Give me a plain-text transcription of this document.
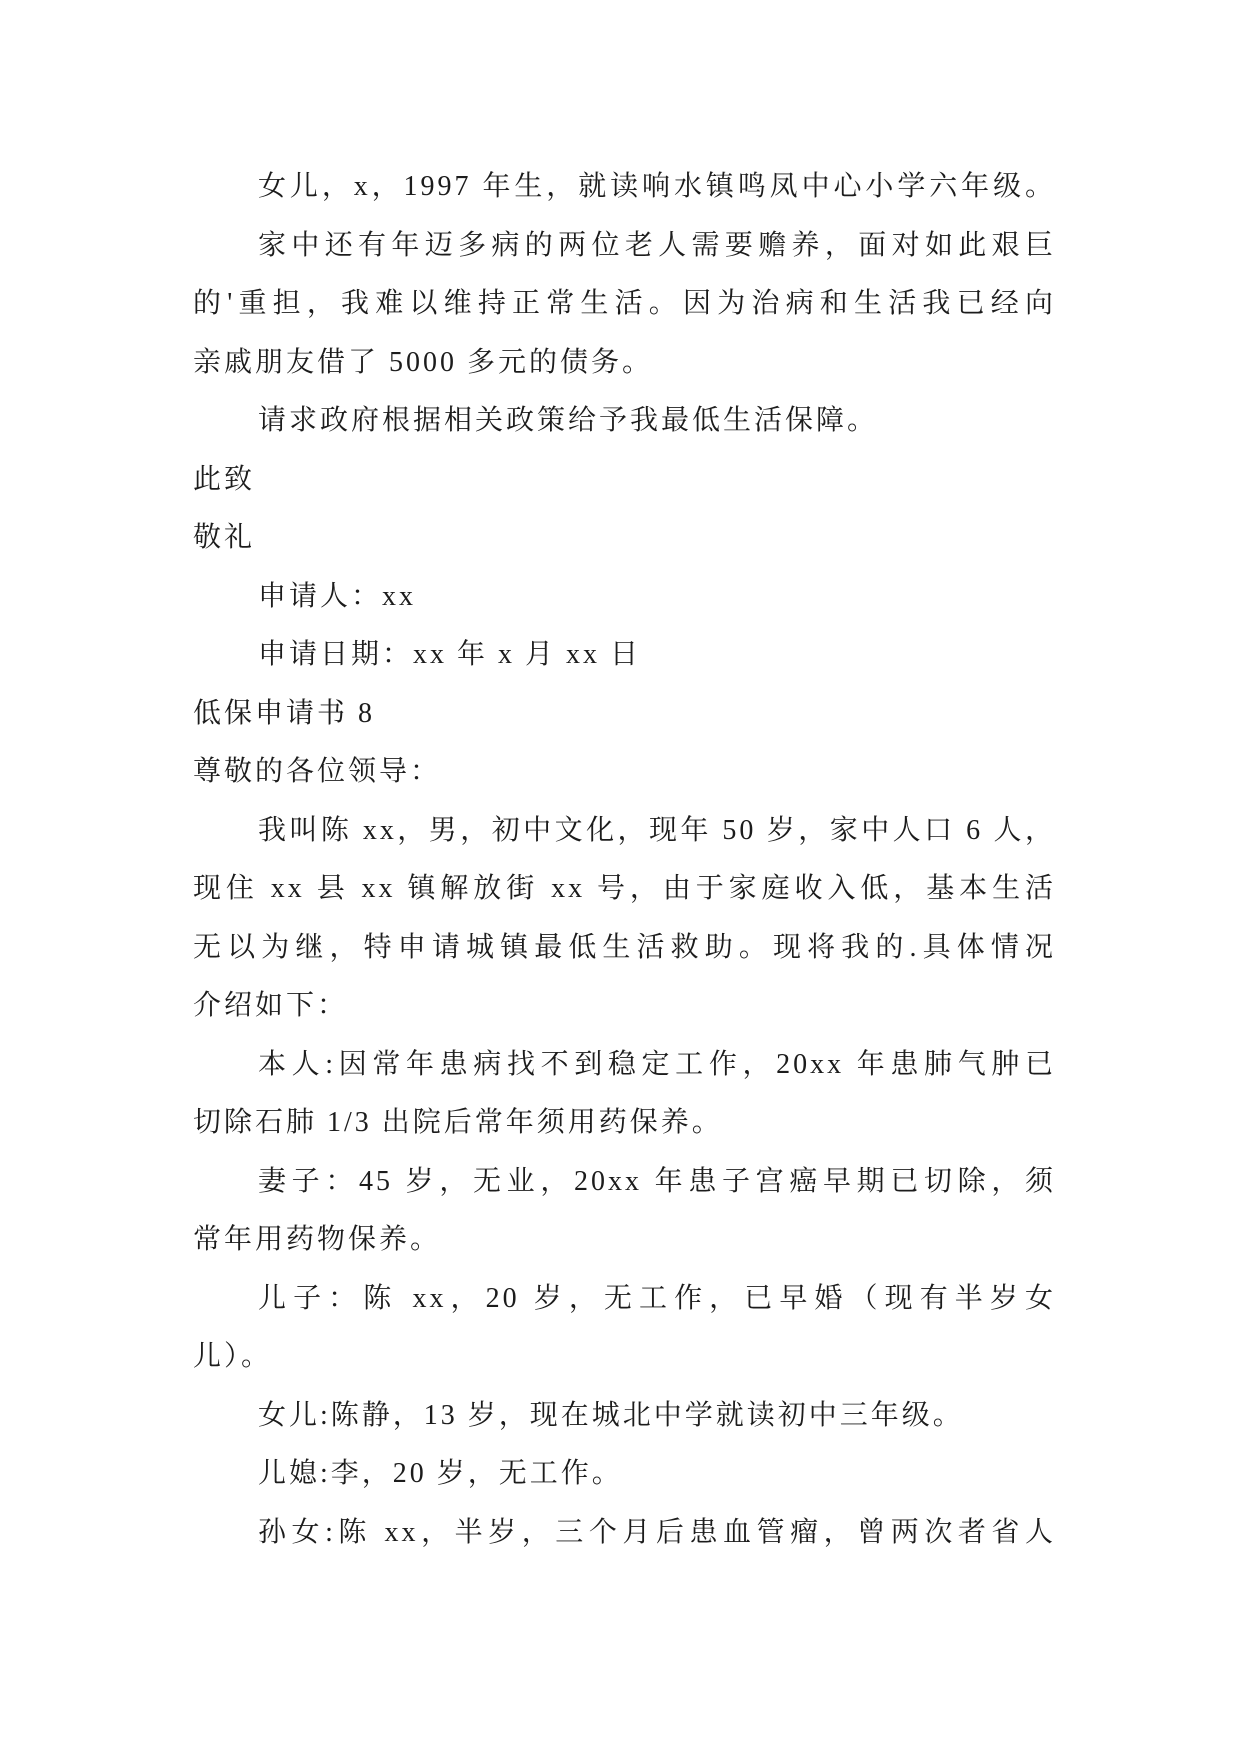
女儿，x，1997 年生，就读响水镇鸣凤中心小学六年级。
家中还有年迈多病的两位老人需要赡养，面对如此艰巨
的'重担，我难以维持正常生活。因为治病和生活我已经向
亲戚朋友借了 5000 多元的债务。
请求政府根据相关政策给予我最低生活保障。
此致
敬礼
申请人：xx
申请日期：xx 年 x 月 xx 日
低保申请书 8
尊敬的各位领导：
我叫陈 xx，男，初中文化，现年 50 岁，家中人口 6 人，
现住 xx 县 xx 镇解放街 xx 号，由于家庭收入低，基本生活
无以为继，特申请城镇最低生活救助。现将我的.具体情况
介绍如下：
本人:因常年患病找不到稳定工作，20xx 年患肺气肿已
切除石肺 1/3 出院后常年须用药保养。
妻子：45 岁，无业，20xx 年患子宫癌早期已切除，须
常年用药物保养。
儿子：陈 xx，20 岁，无工作，已早婚（现有半岁女
儿）。
女儿:陈静，13 岁，现在城北中学就读初中三年级。
儿媳:李，20 岁，无工作。
孙女:陈 xx，半岁，三个月后患血管瘤，曾两次者省人
